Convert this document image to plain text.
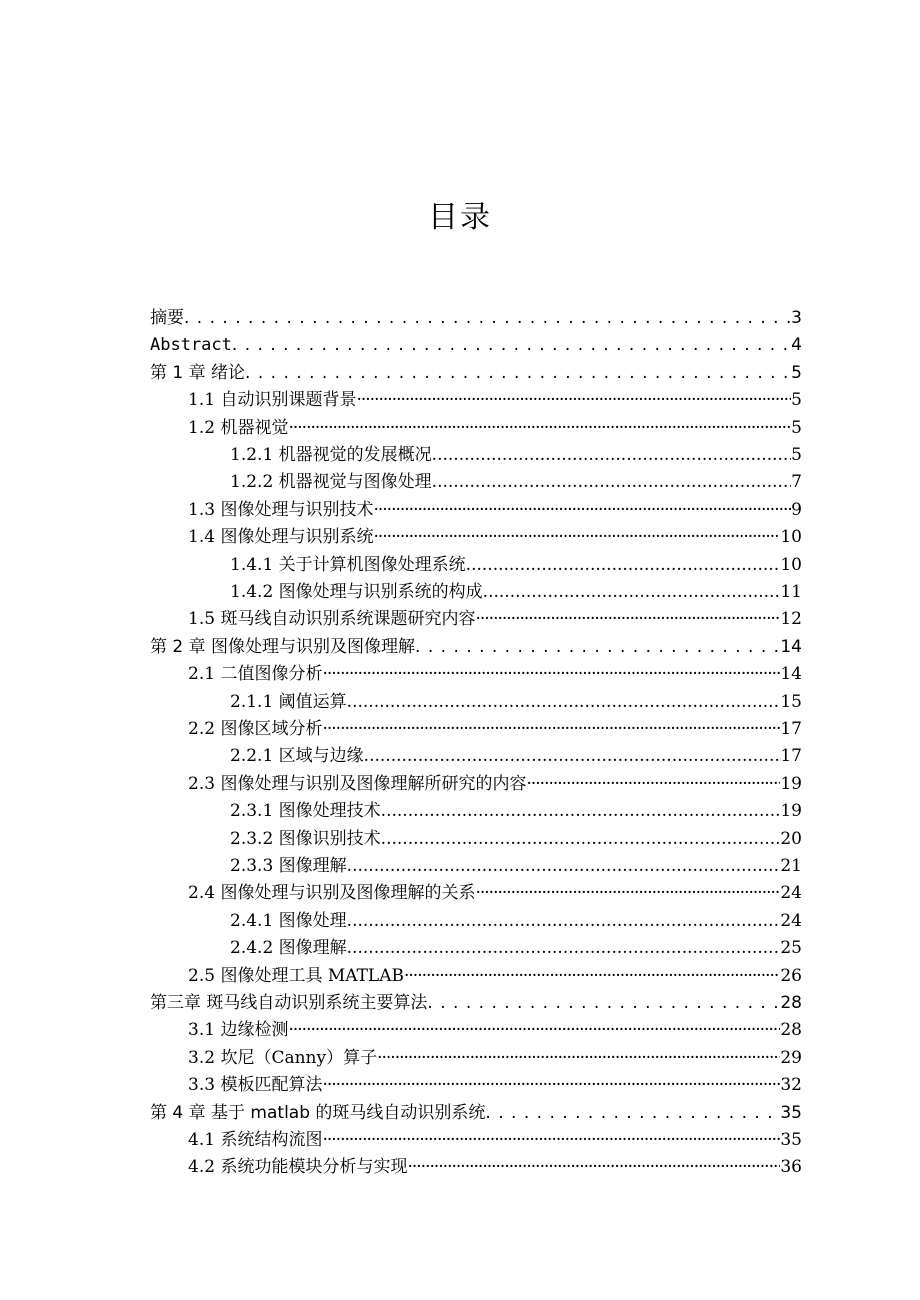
目录
摘要 . . .	3
Abstract . . .	4
第 1 章 绪论 . . .	5
1.1 自动识别课题背景 ·····	5
1.2 机器视觉 ·····	5
1.2.1 机器视觉的发展概况 .....	5
1.2.2 机器视觉与图像处理 .....	7
1.3 图像处理与识别技术 ·····	9
1.4 图像处理与识别系统 ·····	10
1.4.1 关于计算机图像处理系统 .....	10
1.4.2 图像处理与识别系统的构成 .....	11
1.5 斑马线自动识别系统课题研究内容 ·····	12
第 2 章 图像处理与识别及图像理解 . . .	14
2.1 二值图像分析 ·····	14
2.1.1 阈值运算 .....	15
2.2 图像区域分析 ·····	17
2.2.1 区域与边缘 .....	17
2.3 图像处理与识别及图像理解所研究的内容 ·····	19
2.3.1 图像处理技术 .....	19
2.3.2 图像识别技术 .....	20
2.3.3 图像理解 .....	21
2.4 图像处理与识别及图像理解的关系 ·····	24
2.4.1 图像处理 .....	24
2.4.2 图像理解 .....	25
2.5 图像处理工具 MATLAB ·····	26
第三章 斑马线自动识别系统主要算法 . . .	28
3.1 边缘检测 ·····	28
3.2 坎尼（Canny）算子 ·····	29
3.3 模板匹配算法 ·····	32
第 4 章 基于 matlab 的斑马线自动识别系统 . . .	35
4.1 系统结构流图 ·····	35
4.2 系统功能模块分析与实现 ·····	36
